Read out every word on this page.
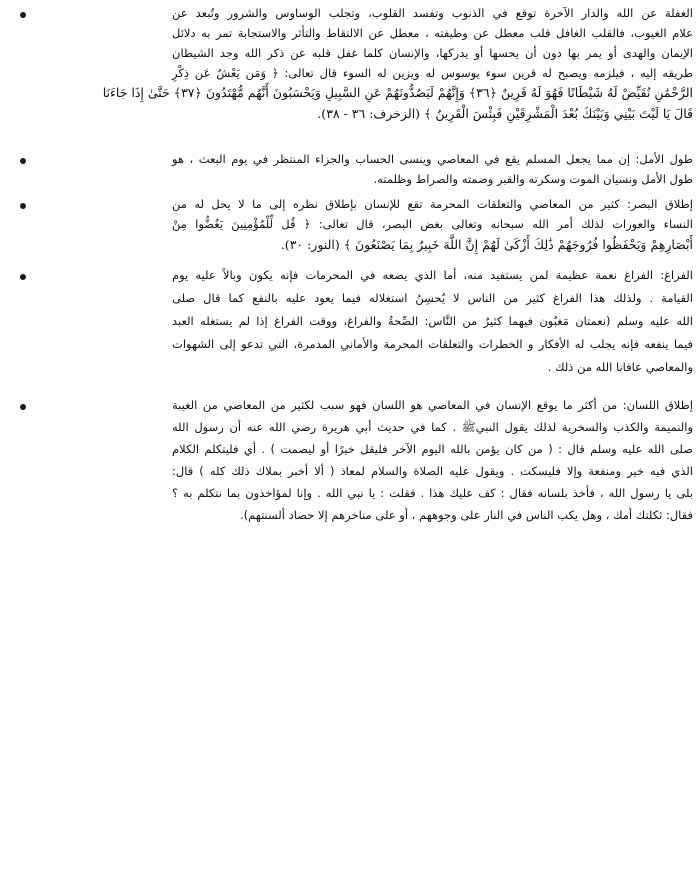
الغفلة عن الله والدار الآخرة توقع في الذنوب وتفسد القلوب، وتجلب الوساوس والشرور وتُبعد عن
علام الغيوب، فالقلب الغافل قلب معطل عن وظيفته ، معطل عن الالتقاط والتأثر والاستجابة تمر به دلائل
الإيمان والهدى أو يمر بها دون أن يحسها أو يدركها، والإنسان كلما غفل قلبه عن ذكر الله وجد الشيطان
طريقه إليه ، فيلزمه ويصبح له قرين سوء يوسوس له ويزين له السوء قال تعالى: ﴿ وَمَن يَعْشُ عَن ذِكْرِ
الرَّحْمَٰنِ نُقَيِّضْ لَهُ شَيْطَانًا فَهُوَ لَهُ قَرِينٌ ﴿٣٦﴾ وَإِنَّهُمْ لَيَصُدُّونَهُمْ عَنِ السَّبِيلِ وَيَحْسَبُونَ أَنَّهُم مُّهْتَدُونَ ﴿٣٧﴾ حَتَّىٰ إِذَا جَاءَنَا
قَالَ يَا لَيْتَ بَيْنِي وَبَيْنَكَ بُعْدَ الْمَشْرِقَيْنِ فَبِئْسَ الْقَرِينُ ﴾ (الزخرف: ٣٦ - ٣٨).
طول الأمل: إن مما يجعل المسلم يقع في المعاصي وينسى الحساب والجزاء المنتظر في يوم البعث ، هو
طول الأمل ونسيان الموت وسكرته والقبر وضمته والصراط وظلمته.
إطلاق البصر: كثير من المعاصي والتعلقات المحرمة تقع للإنسان بإطلاق نظره إلى ما لا يحل له من
النساء والعورات لذلك أمر الله سبحانه وتعالى بغض البصر، قال تعالى: ﴿ قُل لِّلْمُؤْمِنِينَ يَغُضُّوا مِنْ
أَبْصَارِهِمْ وَيَحْفَظُوا فُرُوجَهُمْ ذَٰلِكَ أَزْكَىٰ لَهُمْ إِنَّ اللَّهَ خَبِيرٌ بِمَا يَصْنَعُونَ ﴾ (النور: ٣٠).
الفراغ: الفراغ نعمة عظيمة لمن يستفيد منه، أما الذي يضعه في المحرمات فإنه يكون وبالاً عليه يوم
القيامة . ولذلك هذا الفراغ كثير من الناس لا يُحسِنُ استغلاله فيما يعود عليه بالنفع كما قال صلى
الله عليه وسلم (نعمتان مَغبُون فيهما كثيرٌ من النَّاس: الصِّحةُ والفراغ، ووقت الفراغ إذا لم يستغله العبد
فيما ينفعه فإنه يجلب له الأفكار و الخطرات والتعلقات المحرمة والأماني المدمرة، التي تدعو إلى الشهوات
والمعاصي عافانا الله من ذلك .
إطلاق اللسان: من أكثر ما يوقع الإنسان في المعاصي هو اللسان فهو سبب لكثير من المعاصي من الغيبة
والنميمة والكذب والسخرية لذلك يقول النبيﷺ . كما في حديث أبي هريرة رضي الله عنه أن رسول الله
صلى الله عليه وسلم قال : ( من كان يؤمن بالله اليوم الآخر فليقل خيرًا أو ليصمت ) . أي فليتكلم الكلام
الذي فيه خير ومنفعة وإلا فليسكت . ويقول عليه الصلاة والسلام لمعاذ ( ألا أخبر بملاك ذلك كله ) قال:
بلى يا رسول الله ، فأخذ بلسانه فقال : كف عليك هذا . فقلت : يا نبي الله . وإنا لمؤاخذون بما نتكلم به ؟
فقال: ثكلتك أمك ، وهل يكب الناس في النار على وجوههم ، أو على مناخرهم إلا حصاد ألسنتهم).
